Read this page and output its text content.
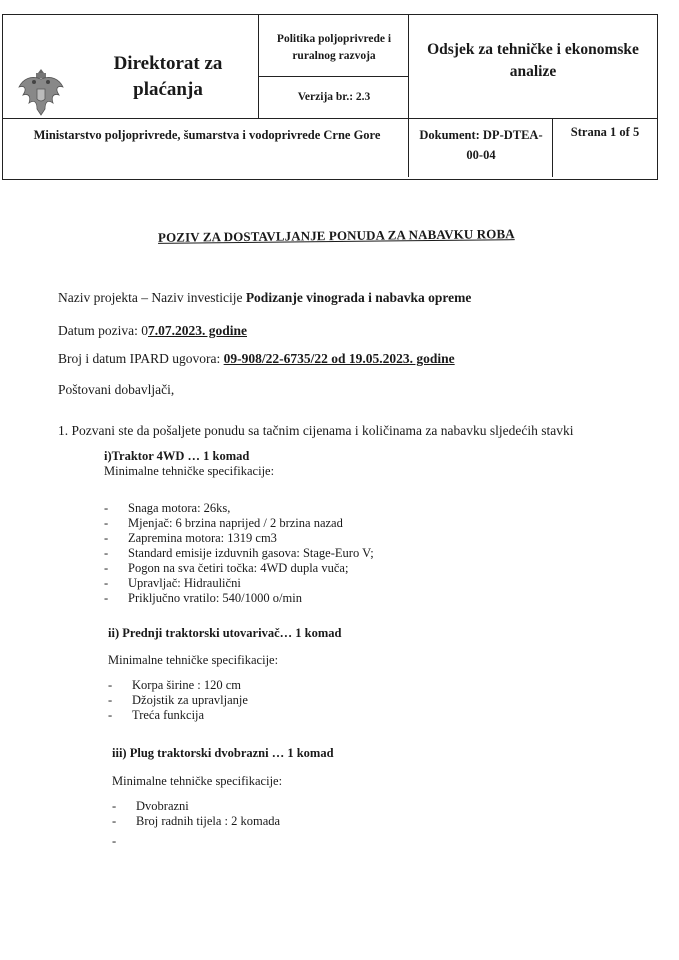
Direktorat za plaćanja
Politika poljoprivrede i ruralnog razvoja
Verzija br.: 2.3
Odsjek za tehničke i ekonomske analize
Ministarstvo poljoprivrede, šumarstva i vodoprivrede Crne Gore	Dokument: DP-DTEA-00-04
Strana 1 of 5
POZIV ZA DOSTAVLJANJE PONUDA ZA NABAVKU ROBA
Naziv projekta – Naziv investicije Podizanje vinograda i nabavka opreme
Datum poziva: 07.07.2023. godine
Broj i datum IPARD ugovora: 09-908/22-6735/22 od 19.05.2023. godine
Poštovani dobavljači,
1. Pozvani ste da pošaljete ponudu sa tačnim cijenama i količinama za nabavku sljedećih stavki
i)Traktor 4WD … 1 komad
Minimalne tehničke specifikacije:
- Snaga motora: 26ks,
- Mjenjač: 6 brzina naprijed / 2 brzina nazad
- Zapremina motora: 1319 cm3
- Standard emisije izduvnih gasova: Stage-Euro V;
- Pogon na sva četiri točka: 4WD dupla vuča;
- Upravljač: Hidraulični
- Priključno vratilo: 540/1000 o/min
ii) Prednji traktorski utovarivač… 1 komad
Minimalne tehničke specifikacije:
- Korpa širine : 120 cm
- Džojstik za upravljanje
- Treća funkcija
iii) Plug traktorski dvobrazni … 1 komad
Minimalne tehničke specifikacije:
- Dvobrazni
- Broj radnih tijela : 2 komada
-
